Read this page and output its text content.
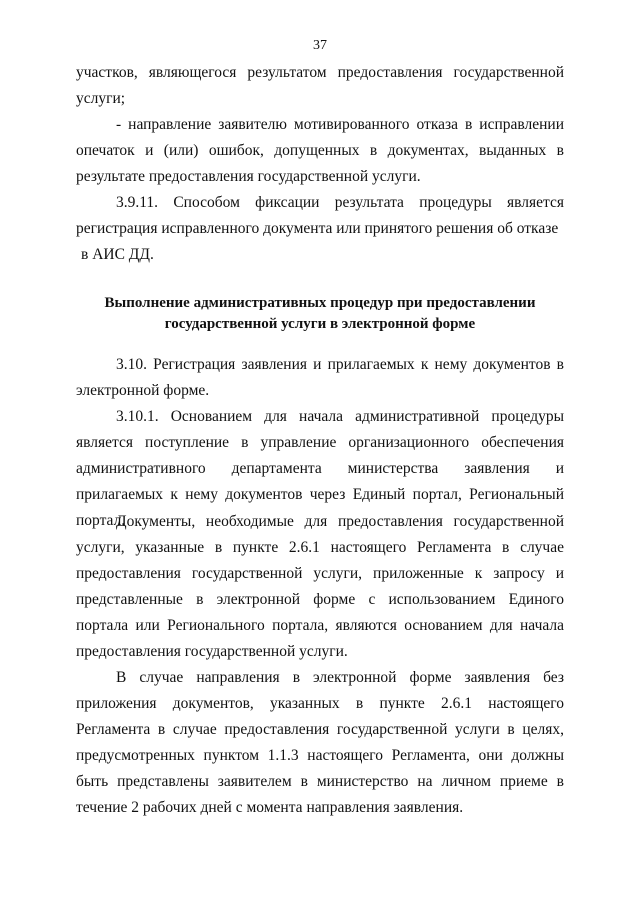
37

участков, являющегося результатом предоставления государственной услуги;

- направление заявителю мотивированного отказа в исправлении опечаток и (или) ошибок, допущенных в документах, выданных в результате предоставления государственной услуги.

3.9.11. Способом фиксации результата процедуры является регистрация исправленного документа или принятого решения об отказе
в АИС ДД.

Выполнение административных процедур при предоставлении
государственной услуги в электронной форме

3.10. Регистрация заявления и прилагаемых к нему документов в электронной форме.

3.10.1. Основанием для начала административной процедуры является поступление в управление организационного обеспечения административного департамента министерства заявления и прилагаемых к нему документов через Единый портал, Региональный портал.

Документы, необходимые для предоставления государственной услуги, указанные в пункте 2.6.1 настоящего Регламента в случае предоставления государственной услуги, приложенные к запросу и представленные в электронной форме с использованием Единого портала или Регионального портала, являются основанием для начала предоставления государственной услуги.

В случае направления в электронной форме заявления без приложения документов, указанных в пункте 2.6.1 настоящего Регламента в случае предоставления государственной услуги в целях, предусмотренных пунктом 1.1.3 настоящего Регламента, они должны быть представлены заявителем в министерство на личном приеме в течение 2 рабочих дней с момента направления заявления.
